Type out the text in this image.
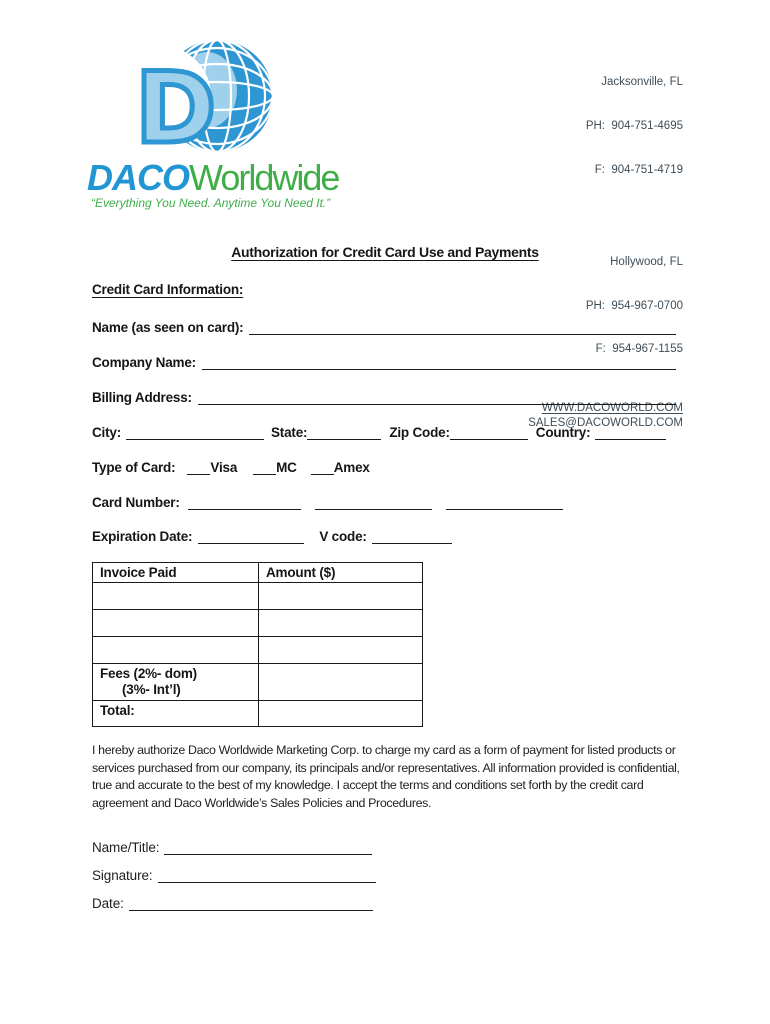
D
DACOWorldwide
“Everything You Need. Anytime You Need It.”

Jacksonville, FL

PH:  904-751-4695

F:  904-751-4719

Hollywood, FL

PH:  954-967-0700

F:  954-967-1155

WWW.DACOWORLD.COM
SALES@DACOWORLD.COM
Authorization for Credit Card Use and Payments
Credit Card Information:
Name (as seen on card):
Company Name:
Billing Address:
City:	State:	Zip Code:	Country:
Type of Card:	Visa	MC	Amex
Card Number:
Expiration Date:	V code:
Invoice Paid	Amount ($)

Fees (2%- dom)
(3%- Int’l)	

Total:	
I hereby authorize Daco Worldwide Marketing Corp. to charge my card as a form of payment for listed products or services purchased from our company, its principals and/or representatives. All information provided is confidential, true and accurate to the best of my knowledge. I accept the terms and conditions set forth by the credit card agreement and Daco Worldwide’s Sales Policies and Procedures.
Name/Title:
Signature:
Date:
